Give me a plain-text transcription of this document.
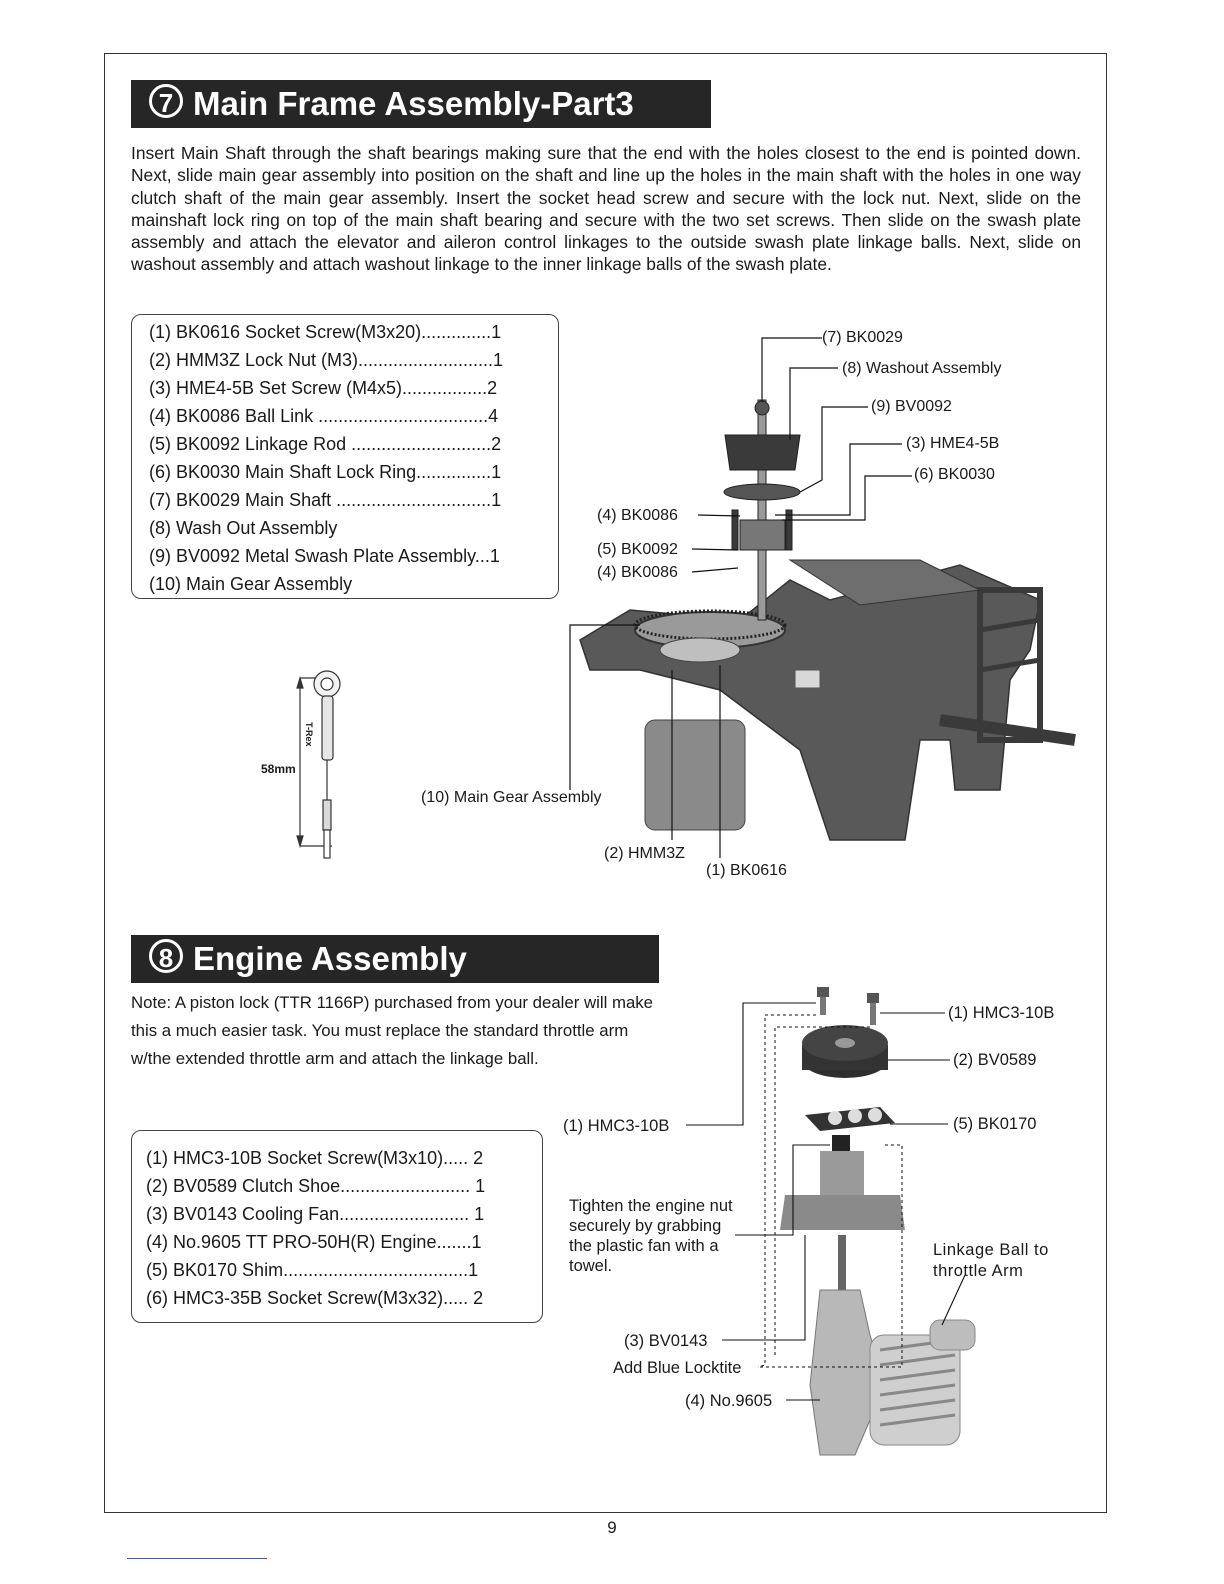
7 Main Frame Assembly-Part3
Insert Main Shaft through the shaft bearings making sure that the end with the holes closest to the end is pointed down. Next, slide main gear assembly into position on the shaft and line up the holes in the main shaft with the holes in one way clutch shaft of the main gear assembly. Insert the socket head screw and secure with the lock nut. Next, slide on the mainshaft lock ring on top of the main shaft bearing and secure with the two set screws. Then slide on the swash plate assembly and attach the elevator and aileron control linkages to the outside swash plate linkage balls. Next, slide on washout assembly and attach washout linkage to the inner linkage balls of the swash plate.
(1) BK0616 Socket Screw(M3x20)..............1
(2) HMM3Z Lock Nut (M3)...........................1
(3) HME4-5B Set Screw (M4x5).................2
(4) BK0086 Ball Link ..................................4
(5) BK0092 Linkage Rod ............................2
(6) BK0030 Main Shaft Lock Ring...............1
(7) BK0029 Main Shaft ...............................1
(8) Wash Out Assembly
(9) BV0092 Metal Swash Plate Assembly...1
(10) Main Gear Assembly
58mm
T-Rex
(7) BK0029
(8) Washout Assembly
(9) BV0092
(3) HME4-5B
(6) BK0030
(4) BK0086
(5) BK0092
(4) BK0086
(10) Main Gear Assembly
(2) HMM3Z
(1) BK0616
8 Engine Assembly
Note: A piston lock (TTR 1166P) purchased from your dealer will make this a much easier task. You must replace the standard throttle arm w/the extended throttle arm and attach the linkage ball.
(1) HMC3-10B Socket Screw(M3x10)..... 2
(2) BV0589 Clutch Shoe.......................... 1
(3) BV0143 Cooling Fan.......................... 1
(4) No.9605 TT PRO-50H(R) Engine.......1
(5) BK0170 Shim.....................................1
(6) HMC3-35B Socket Screw(M3x32)..... 2
(1) HMC3-10B
(2) BV0589
(1) HMC3-10B	(5) BK0170
Tighten the engine nut securely by grabbing the plastic fan with a towel.
Linkage Ball to throttle Arm
(3) BV0143
Add Blue Locktite
(4) No.9605
9
